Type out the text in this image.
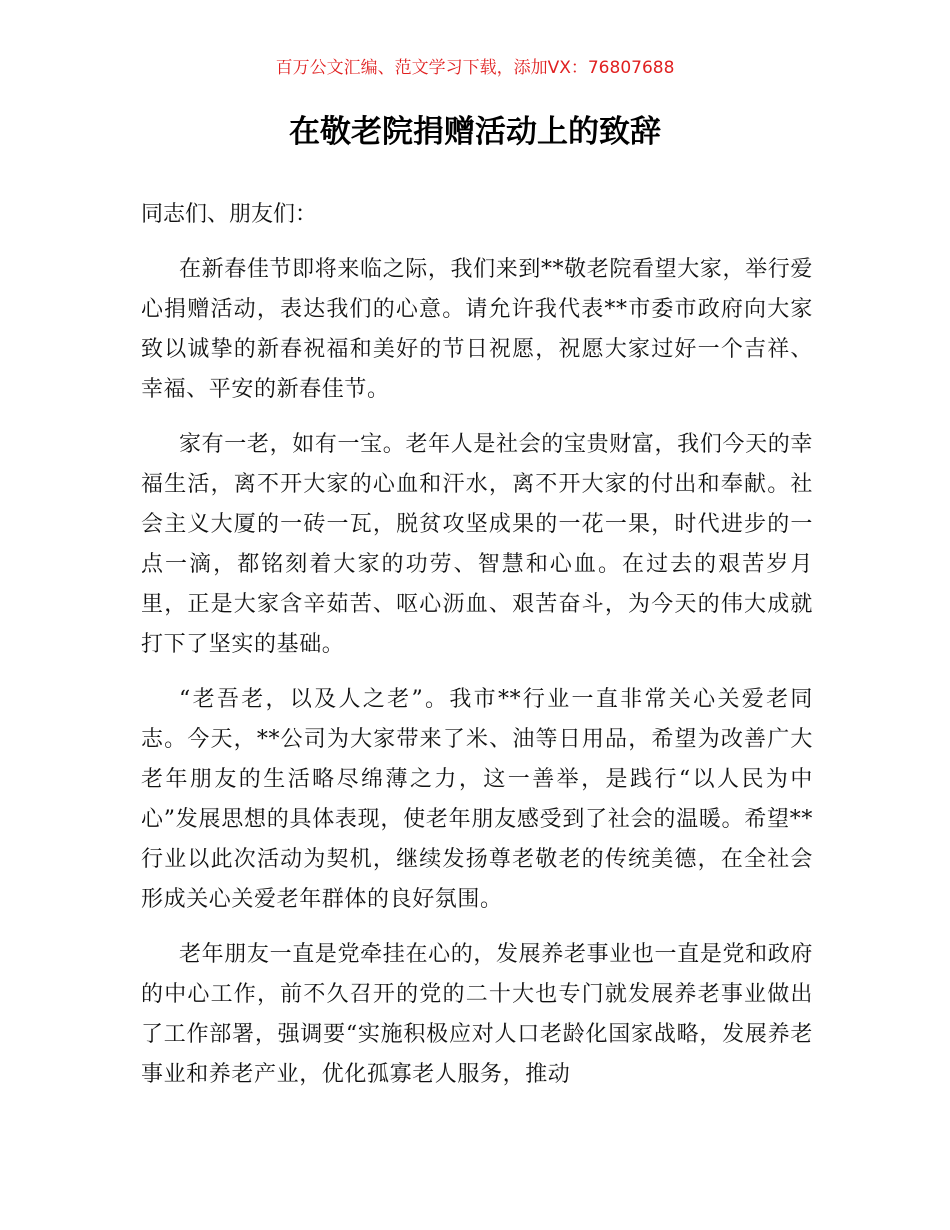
百万公文汇编、范文学习下载，添加VX：76807688
在敬老院捐赠活动上的致辞

同志们、朋友们：

在新春佳节即将来临之际，我们来到**敬老院看望大家，举行爱心捐赠活动，表达我们的心意。请允许我代表**市委市政府向大家致以诚挚的新春祝福和美好的节日祝愿，祝愿大家过好一个吉祥、幸福、平安的新春佳节。

家有一老，如有一宝。老年人是社会的宝贵财富，我们今天的幸福生活，离不开大家的心血和汗水，离不开大家的付出和奉献。社会主义大厦的一砖一瓦，脱贫攻坚成果的一花一果，时代进步的一点一滴，都铭刻着大家的功劳、智慧和心血。在过去的艰苦岁月里，正是大家含辛茹苦、呕心沥血、艰苦奋斗，为今天的伟大成就打下了坚实的基础。

“老吾老，以及人之老”。我市**行业一直非常关心关爱老同志。今天，**公司为大家带来了米、油等日用品，希望为改善广大老年朋友的生活略尽绵薄之力，这一善举，是践行“以人民为中心”发展思想的具体表现，使老年朋友感受到了社会的温暖。希望**行业以此次活动为契机，继续发扬尊老敬老的传统美德，在全社会形成关心关爱老年群体的良好氛围。

老年朋友一直是党牵挂在心的，发展养老事业也一直是党和政府的中心工作，前不久召开的党的二十大也专门就发展养老事业做出了工作部署，强调要“实施积极应对人口老龄化国家战略，发展养老事业和养老产业，优化孤寡老人服务，推动
